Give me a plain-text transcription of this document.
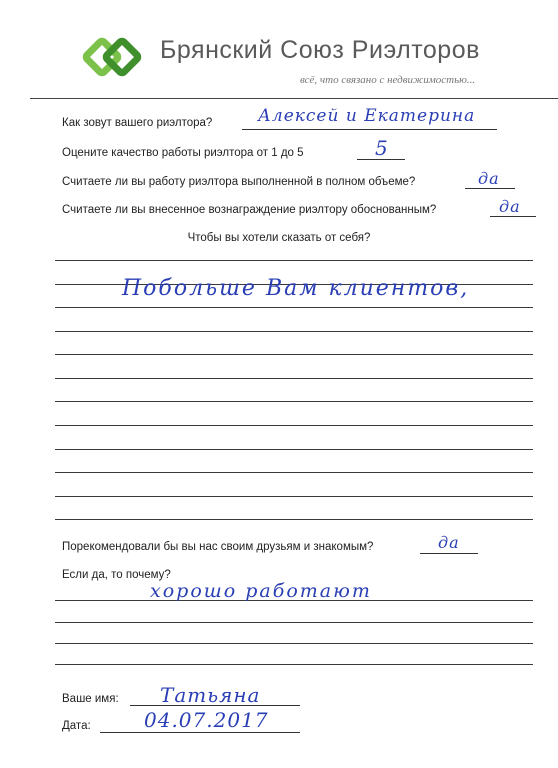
Брянский Союз Риэлторов
всё, что связано с недвижимостью...
Как зовут вашего риэлтора?	Алексей и Екатерина
Оцените качество работы риэлтора от 1 до 5	5
Считаете ли вы работу риэлтора выполненной в полном объеме?	да
Считаете ли вы внесенное вознаграждение риэлтору обоснованным?	да
Чтобы вы хотели сказать от себя?
Побольше Вам клиентов,
Порекомендовали бы вы нас своим друзьям и знакомым?	да
Если да, то почему?
хорошо работают
Ваше имя: Татьяна
Дата:	04.07.2017
